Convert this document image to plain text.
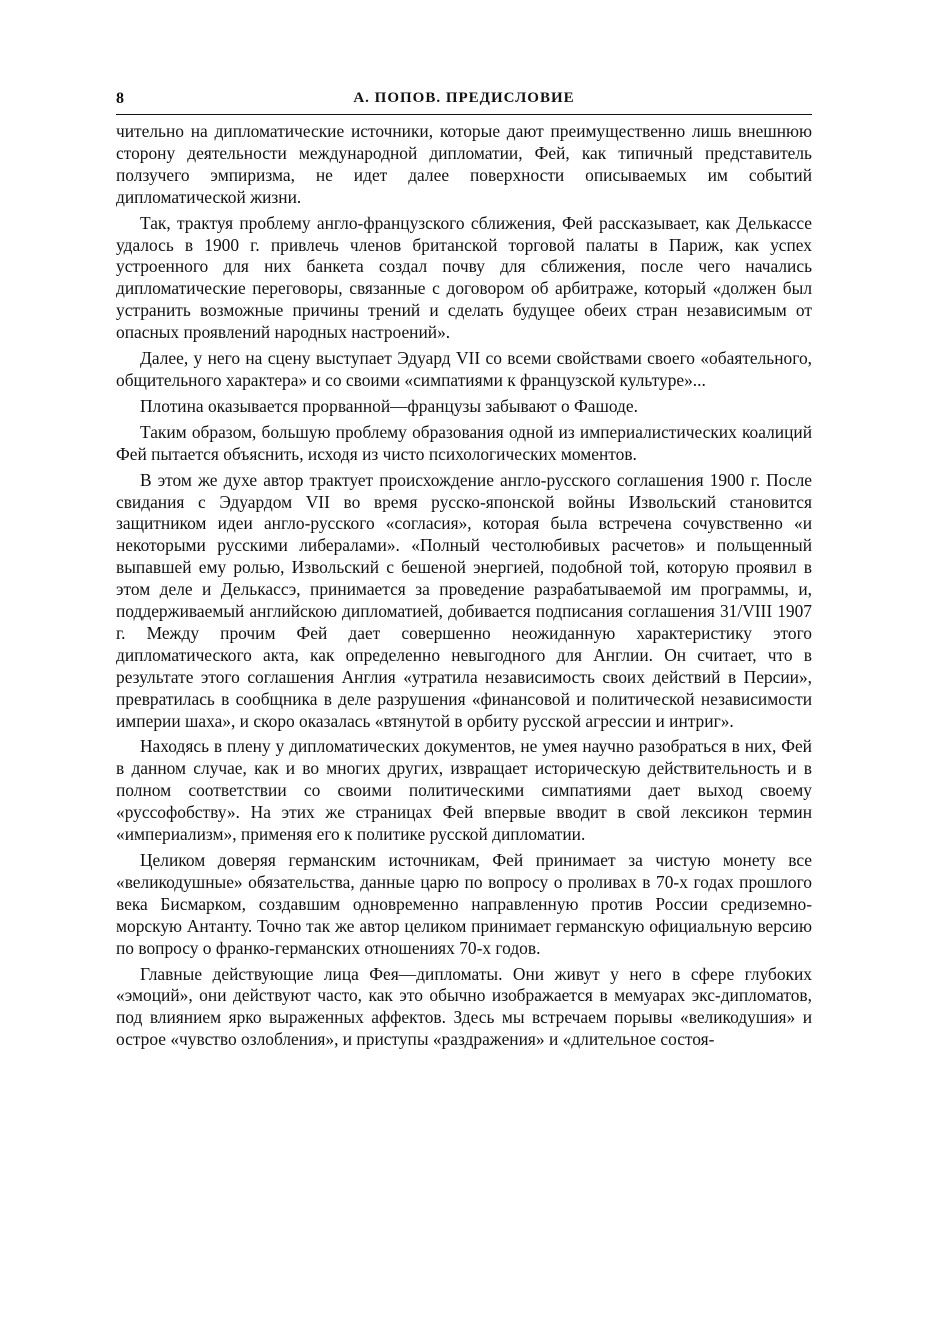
8	А. ПОПОВ. ПРЕДИСЛОВИЕ

чительно на дипломатические источники, которые дают преимущественно лишь внешнюю сторону деятельности международной дипломатии, Фей, как типичный представитель ползучего эмпиризма, не идет далее поверхности описываемых им событий дипломатической жизни.

Так, трактуя проблему англо-французского сближения, Фей рассказывает, как Делькассе удалось в 1900 г. привлечь членов британской торговой палаты в Париж, как успех устроенного для них банкета создал почву для сближения, после чего начались дипломатические переговоры, связанные с договором об арбитраже, который «должен был устранить возможные причины трений и сделать будущее обеих стран независимым от опасных проявлений народных настроений».

Далее, у него на сцену выступает Эдуард VII со всеми свойствами своего «обаятельного, общительного характера» и со своими «симпатиями к французской культуре»...

Плотина оказывается прорванной—французы забывают о Фашоде.

Таким образом, большую проблему образования одной из империалистических коалиций Фей пытается объяснить, исходя из чисто психологических моментов.

В этом же духе автор трактует происхождение англо-русского соглашения 1900 г. После свидания с Эдуардом VII во время русско-японской войны Извольский становится защитником идеи англо-русского «согласия», которая была встречена сочувственно «и некоторыми русскими либералами». «Полный честолюбивых расчетов» и польщенный выпавшей ему ролью, Извольский с бешеной энергией, подобной той, которую проявил в этом деле и Делькассэ, принимается за проведение разрабатываемой им программы, и, поддерживаемый английскою дипломатией, добивается подписания соглашения 31/VIII 1907 г. Между прочим Фей дает совершенно неожиданную характеристику этого дипломатического акта, как определенно невыгодного для Англии. Он считает, что в результате этого соглашения Англия «утратила независимость своих действий в Персии», превратилась в сообщника в деле разрушения «финансовой и политической независимости империи шаха», и скоро оказалась «втянутой в орбиту русской агрессии и интриг».

Находясь в плену у дипломатических документов, не умея научно разобраться в них, Фей в данном случае, как и во многих других, извращает историческую действительность и в полном соответствии со своими политическими симпатиями дает выход своему «руссофобству». На этих же страницах Фей впервые вводит в свой лексикон термин «империализм», применяя его к политике русской дипломатии.

Целиком доверяя германским источникам, Фей принимает за чистую монету все «великодушные» обязательства, данные царю по вопросу о проливах в 70-х годах прошлого века Бисмарком, создавшим одновременно направленную против России средиземно-морскую Антанту. Точно так же автор целиком принимает германскую официальную версию по вопросу о франко-германских отношениях 70-х годов.

Главные действующие лица Фея—дипломаты. Они живут у него в сфере глубоких «эмоций», они действуют часто, как это обычно изображается в мемуарах экс-дипломатов, под влиянием ярко выраженных аффектов. Здесь мы встречаем порывы «великодушия» и острое «чувство озлобления», и приступы «раздражения» и «длительное состоя-
